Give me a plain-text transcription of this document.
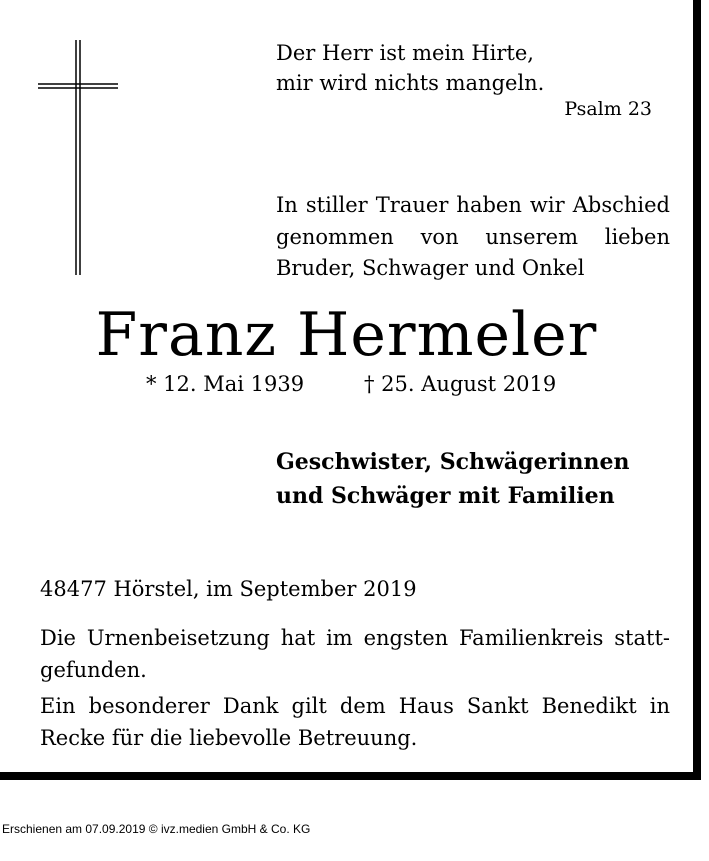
Der Herr ist mein Hirte,
mir wird nichts mangeln.
Psalm 23
In stiller Trauer haben wir Abschied
genommen von unserem lieben
Bruder, Schwager und Onkel
Franz Hermeler
* 12. Mai 1939	† 25. August 2019
Geschwister, Schwägerinnen
und Schwäger mit Familien
48477 Hörstel, im September 2019
Die Urnenbeisetzung hat im engsten Familienkreis statt-gefunden.
Ein besonderer Dank gilt dem Haus Sankt Benedikt in Recke für die liebevolle Betreuung.
Erschienen am 07.09.2019 © ivz.medien GmbH & Co. KG
